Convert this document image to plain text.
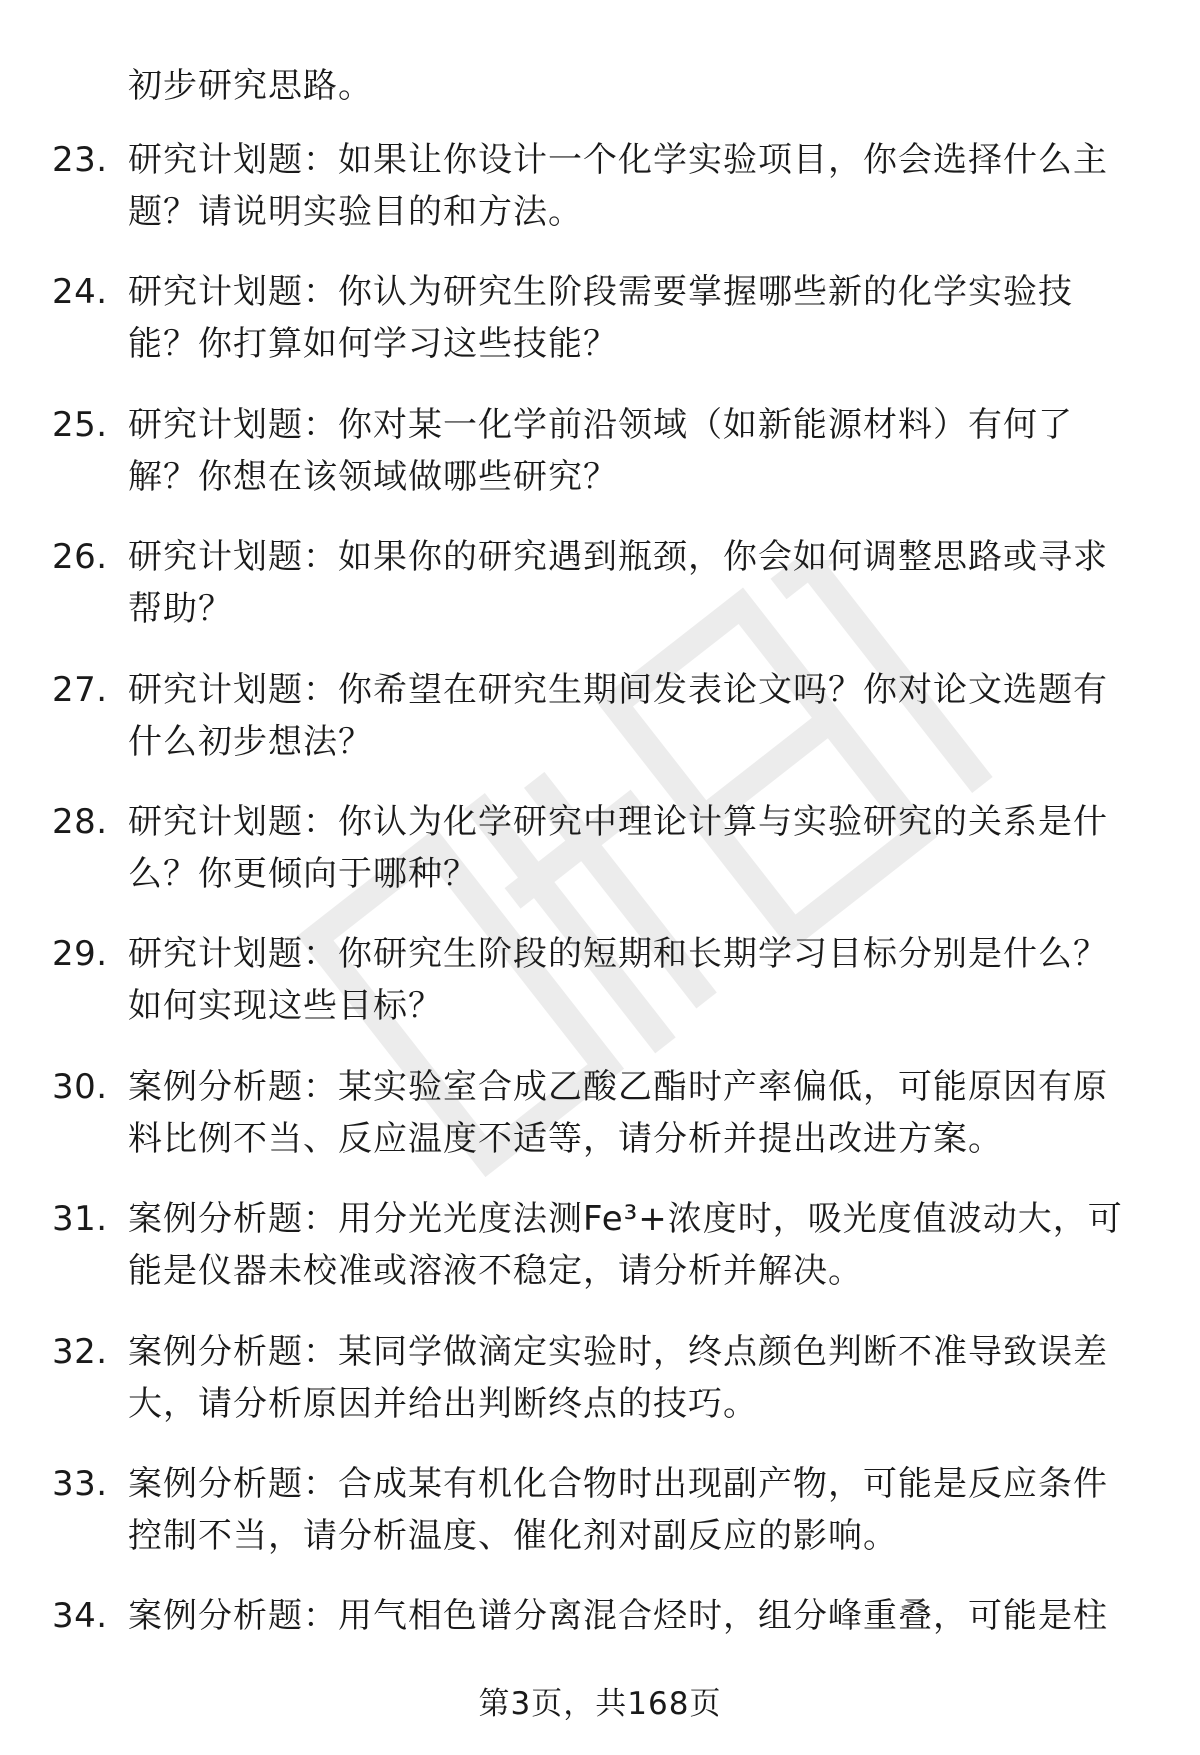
初步研究思路。

23. 研究计划题：如果让你设计一个化学实验项目，你会选择什么主题？请说明实验目的和方法。
24. 研究计划题：你认为研究生阶段需要掌握哪些新的化学实验技能？你打算如何学习这些技能？
25. 研究计划题：你对某一化学前沿领域（如新能源材料）有何了解？你想在该领域做哪些研究？
26. 研究计划题：如果你的研究遇到瓶颈，你会如何调整思路或寻求帮助？
27. 研究计划题：你希望在研究生期间发表论文吗？你对论文选题有什么初步想法？
28. 研究计划题：你认为化学研究中理论计算与实验研究的关系是什么？你更倾向于哪种？
29. 研究计划题：你研究生阶段的短期和长期学习目标分别是什么？如何实现这些目标？
30. 案例分析题：某实验室合成乙酸乙酯时产率偏低，可能原因有原料比例不当、反应温度不适等，请分析并提出改进方案。
31. 案例分析题：用分光光度法测Fe³+浓度时，吸光度值波动大，可能是仪器未校准或溶液不稳定，请分析并解决。
32. 案例分析题：某同学做滴定实验时，终点颜色判断不准导致误差大，请分析原因并给出判断终点的技巧。
33. 案例分析题：合成某有机化合物时出现副产物，可能是反应条件控制不当，请分析温度、催化剂对副反应的影响。
34. 案例分析题：用气相色谱分离混合烃时，组分峰重叠，可能是柱
第3页，共168页
